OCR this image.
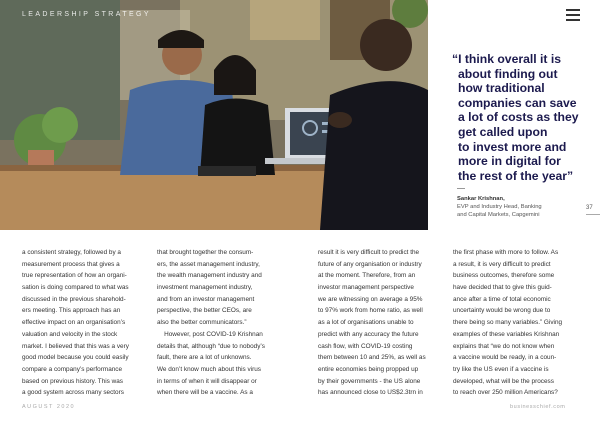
LEADERSHIP STRATEGY
“I think overall it is
about finding out
how traditional
companies can save
a lot of costs as they
get called upon
to invest more and
more in digital for
the rest of the year”
Sankar Krishnan,
EVP and Industry Head, Banking
and Capital Markets, Capgemini
37
a consistent strategy, followed by a
measurement process that gives a
true representation of how an organi-
sation is doing compared to what was
discussed in the previous sharehold-
ers meeting. This approach has an
effective impact on an organisation’s
valuation and velocity in the stock
market. I believed that this was a very
good model because you could easily
compare a company’s performance
based on previous history. This was
a good system across many sectors
that brought together the consum-
ers, the asset management industry,
the wealth management industry and
investment management industry,
and from an investor management
perspective, the better CEOs, are
also the better communicators.”
However, post COVID-19 Krishnan
details that, although “due to nobody’s
fault, there are a lot of unknowns.
We don’t know much about this virus
in terms of when it will disappear or
when there will be a vaccine. As a
result it is very difficult to predict the
future of any organisation or industry
at the moment. Therefore, from an
investor management perspective
we are witnessing on average a 95%
to 97% work from home ratio, as well
as a lot of organisations unable to
predict with any accuracy the future
cash flow, with COVID-19 costing
them between 10 and 25%, as well as
entire economies being propped up
by their governments - the US alone
has announced close to US$2.3trn in
the first phase with more to follow. As
a result, it is very difficult to predict
business outcomes, therefore some
have decided that to give this guid-
ance after a time of total economic
uncertainty would be wrong due to
there being so many variables.” Giving
examples of these variables Krishnan
explains that “we do not know when
a vaccine would be ready, in a coun-
try like the US even if a vaccine is
developed, what will be the process
to reach over 250 million Americans?
AUGUST 2020	businesschief.com
